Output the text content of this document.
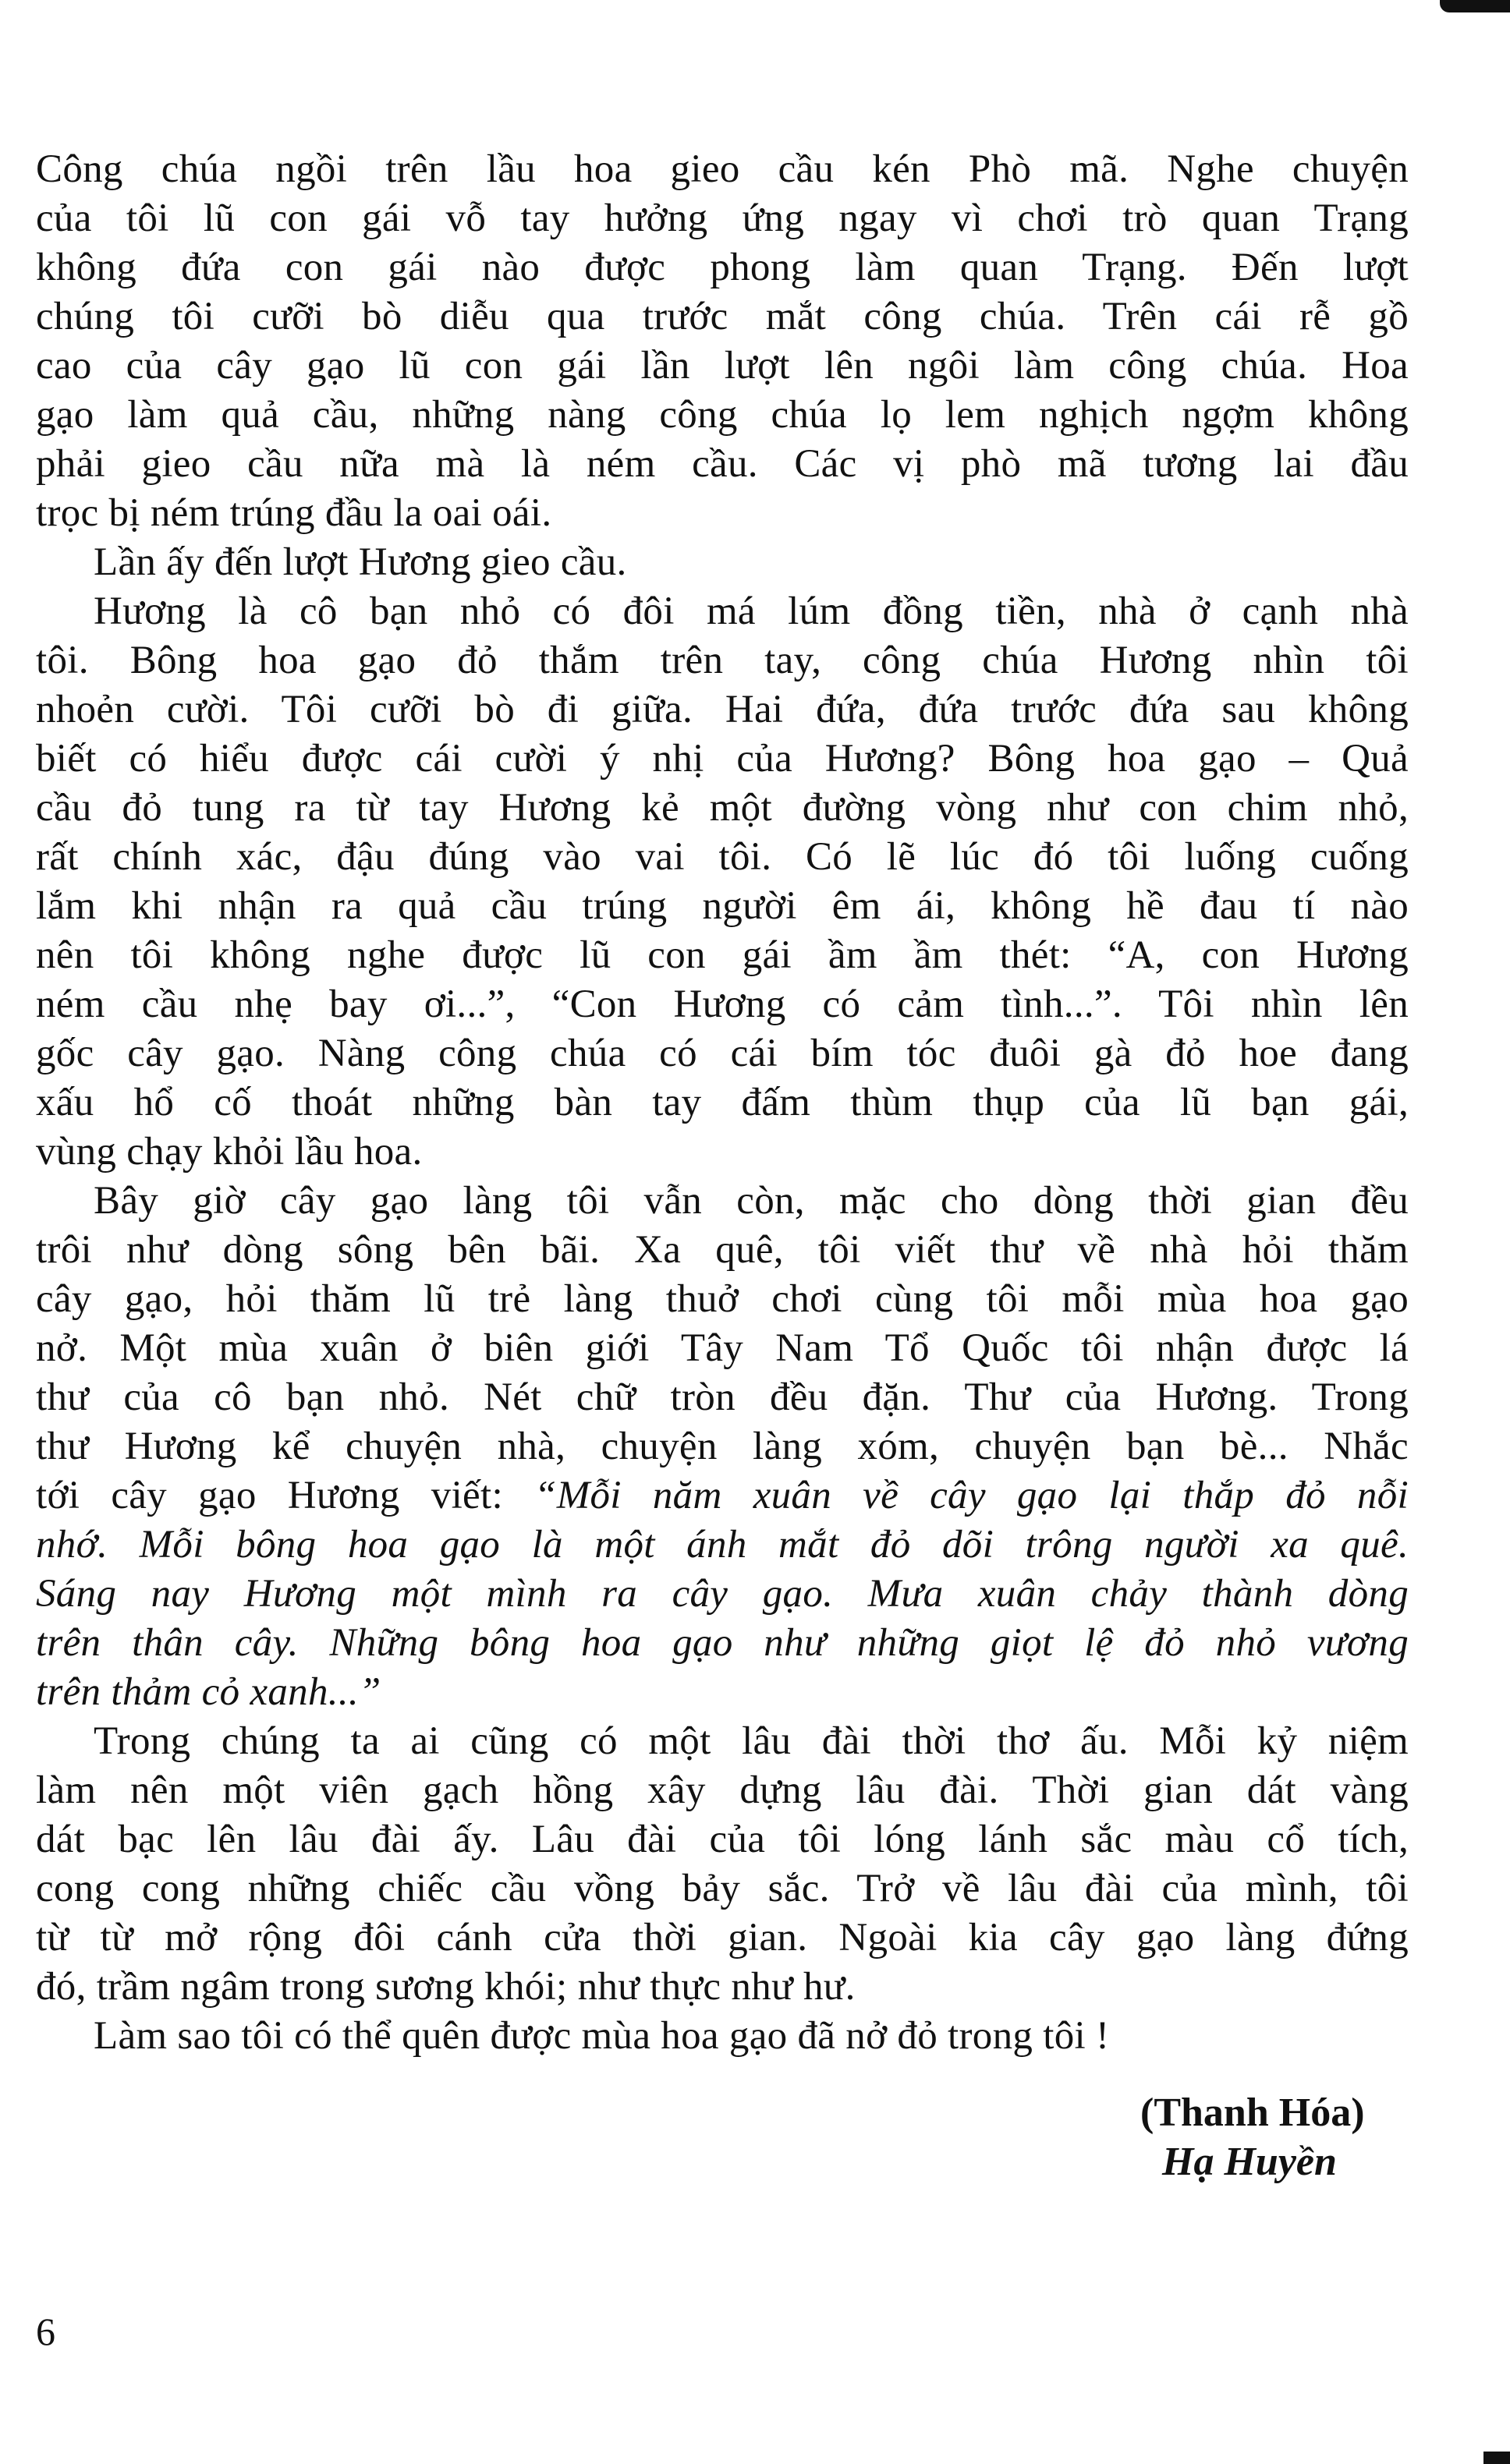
Công chúa ngồi trên lầu hoa gieo cầu kén Phò mã. Nghe chuyện
của tôi lũ con gái vỗ tay hưởng ứng ngay vì chơi trò quan Trạng
không đứa con gái nào được phong làm quan Trạng. Đến lượt
chúng tôi cưỡi bò diễu qua trước mắt công chúa. Trên cái rễ gồ
cao của cây gạo lũ con gái lần lượt lên ngôi làm công chúa. Hoa
gạo làm quả cầu, những nàng công chúa lọ lem nghịch ngợm không
phải gieo cầu nữa mà là ném cầu. Các vị phò mã tương lai đầu
trọc bị ném trúng đầu la oai oái.
Lần ấy đến lượt Hương gieo cầu.
Hương là cô bạn nhỏ có đôi má lúm đồng tiền, nhà ở cạnh nhà
tôi. Bông hoa gạo đỏ thắm trên tay, công chúa Hương nhìn tôi
nhoẻn cười. Tôi cưỡi bò đi giữa. Hai đứa, đứa trước đứa sau không
biết có hiểu được cái cười ý nhị của Hương? Bông hoa gạo – Quả
cầu đỏ tung ra từ tay Hương kẻ một đường vòng như con chim nhỏ,
rất chính xác, đậu đúng vào vai tôi. Có lẽ lúc đó tôi luống cuống
lắm khi nhận ra quả cầu trúng người êm ái, không hề đau tí nào
nên tôi không nghe được lũ con gái ầm ầm thét: “A, con Hương
ném cầu nhẹ bay ơi...”, “Con Hương có cảm tình...”. Tôi nhìn lên
gốc cây gạo. Nàng công chúa có cái bím tóc đuôi gà đỏ hoe đang
xấu hổ cố thoát những bàn tay đấm thùm thụp của lũ bạn gái,
vùng chạy khỏi lầu hoa.
Bây giờ cây gạo làng tôi vẫn còn, mặc cho dòng thời gian đều
trôi như dòng sông bên bãi. Xa quê, tôi viết thư về nhà hỏi thăm
cây gạo, hỏi thăm lũ trẻ làng thuở chơi cùng tôi mỗi mùa hoa gạo
nở. Một mùa xuân ở biên giới Tây Nam Tổ Quốc tôi nhận được lá
thư của cô bạn nhỏ. Nét chữ tròn đều đặn. Thư của Hương. Trong
thư Hương kể chuyện nhà, chuyện làng xóm, chuyện bạn bè... Nhắc
tới cây gạo Hương viết: “Mỗi năm xuân về cây gạo lại thắp đỏ nỗi
nhớ. Mỗi bông hoa gạo là một ánh mắt đỏ dõi trông người xa quê.
Sáng nay Hương một mình ra cây gạo. Mưa xuân chảy thành dòng
trên thân cây. Những bông hoa gạo như những giọt lệ đỏ nhỏ vương
trên thảm cỏ xanh...”
Trong chúng ta ai cũng có một lâu đài thời thơ ấu. Mỗi kỷ niệm
làm nên một viên gạch hồng xây dựng lâu đài. Thời gian dát vàng
dát bạc lên lâu đài ấy. Lâu đài của tôi lóng lánh sắc màu cổ tích,
cong cong những chiếc cầu vồng bảy sắc. Trở về lâu đài của mình, tôi
từ từ mở rộng đôi cánh cửa thời gian. Ngoài kia cây gạo làng đứng
đó, trầm ngâm trong sương khói; như thực như hư.
Làm sao tôi có thể quên được mùa hoa gạo đã nở đỏ trong tôi !
(Thanh Hóa)
Hạ Huyền
6
